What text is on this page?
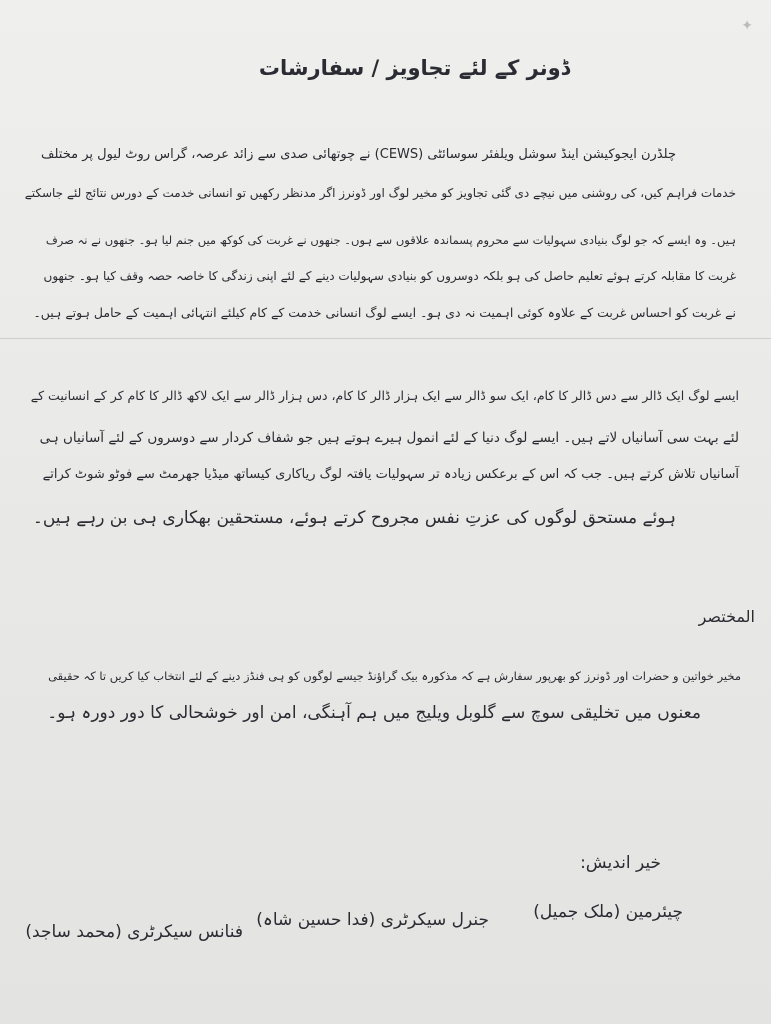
✦
ڈونر کے لئے تجاویز / سفارشات
چلڈرن ایجوکیشن اینڈ سوشل ویلفئر سوسائٹی (CEWS) نے چوتھائی صدی سے زائد عرصہ، گراس روٹ لیول پر مختلف
خدمات فراہم کیں، کی روشنی میں نیچے دی گئی تجاویز کو مخیر لوگ اور ڈونرز اگر مدنظر رکھیں تو انسانی خدمت کے دورس نتائج لئے جاسکتے
ہیں۔ وہ ایسے کہ جو لوگ بنیادی سہولیات سے محروم پسماندہ علاقوں سے ہوں۔ جنھوں نے غربت کی کوکھ میں جنم لیا ہو۔ جنھوں نے نہ صرف
غربت کا مقابلہ کرتے ہوئے تعلیم حاصل کی ہو بلکہ دوسروں کو بنیادی سہولیات دینے کے لئے اپنی زندگی کا خاصہ حصہ وقف کیا ہو۔ جنھوں
نے غربت کو احساس غربت کے علاوہ کوئی اہمیت نہ دی ہو۔ ایسے لوگ انسانی خدمت کے کام کیلئے انتہائی اہمیت کے حامل ہوتے ہیں۔
ایسے لوگ ایک ڈالر سے دس ڈالر کا کام، ایک سو ڈالر سے ایک ہزار ڈالر کا کام، دس ہزار ڈالر سے ایک لاکھ ڈالر کا کام کر کے انسانیت کے
لئے بہت سی آسانیاں لاتے ہیں۔ ایسے لوگ دنیا کے لئے انمول ہیرے ہوتے ہیں جو شفاف کردار سے دوسروں کے لئے آسانیاں ہی
آسانیاں تلاش کرتے ہیں۔ جب کہ اس کے برعکس زیادہ تر سہولیات یافتہ لوگ ریاکاری کیساتھ میڈیا جھرمٹ سے فوٹو شوٹ کراتے
ہوئے مستحق لوگوں کی عزتِ نفس مجروح کرتے ہوئے، مستحقین بھکاری ہی بن رہے ہیں۔
المختصر
مخیر خواتین و حضرات اور ڈونرز کو بھرپور سفارش ہے کہ مذکورہ بیک گراؤنڈ جیسے لوگوں کو ہی فنڈز دینے کے لئے انتخاب کیا کریں تا کہ حقیقی
معنوں میں تخلیقی سوچ سے گلوبل ویلیج میں ہم آہنگی، امن اور خوشحالی کا دور دورہ ہو۔
خیر اندیش:
چیئرمین (ملک جمیل)
جنرل سیکرٹری (فدا حسین شاہ)
فنانس سیکرٹری (محمد ساجد)
